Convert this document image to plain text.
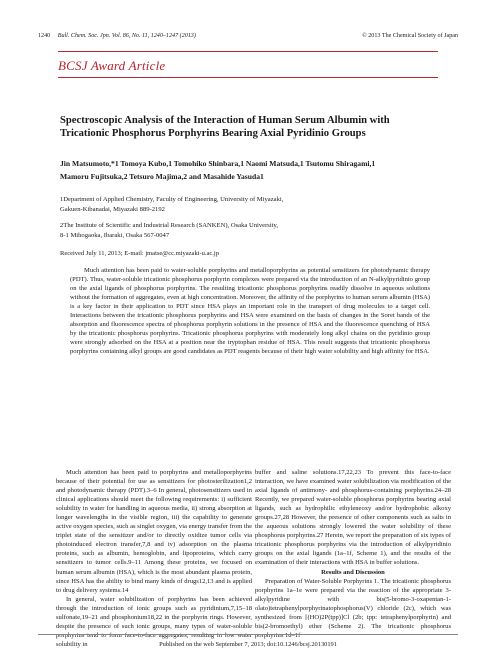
1240 Bull. Chem. Soc. Jpn. Vol. 86, No. 11, 1240–1247 (2013)	© 2013 The Chemical Society of Japan
BCSJ Award Article
Spectroscopic Analysis of the Interaction of Human Serum Albumin with Tricationic Phosphorus Porphyrins Bearing Axial Pyridinio Groups
Jin Matsumoto,*1 Tomoya Kubo,1 Tomohiko Shinbara,1 Naomi Matsuda,1 Tsutomu Shiragami,1
Mamoru Fujitsuka,2 Tetsuro Majima,2 and Masahide Yasuda1
1Department of Applied Chemistry, Faculty of Engineering, University of Miyazaki,
Gakuen-Kibanadai, Miyazaki 889-2192
2The Institute of Scientific and Industrial Research (SANKEN), Osaka University,
8-1 Mihogaoka, Ibaraki, Osaka 567-0047
Received July 11, 2013; E-mail: jmatse@cc.miyazaki-u.ac.jp
Much attention has been paid to water-soluble porphyrins and metalloporphyrins as potential sensitizers for photodynamic therapy (PDT). Thus, water-soluble tricationic phosphorus porphyrin complexes were prepared via the introduction of an N-alkylpyridinio group on the axial ligands of phosphorus porphyrins. The resulting tricationic phosphorus porphyrins readily dissolve in aqueous solutions without the formation of aggregates, even at high concentration. Moreover, the affinity of the porphyrins to human serum albumin (HSA) is a key factor in their application to PDT since HSA plays an important role in the transport of drug molecules to a target cell. Interactions between the tricationic phosphorus porphyrins and HSA were examined on the basis of changes in the Soret bands of the absorption and fluorescence spectra of phosphorus porphyrin solutions in the presence of HSA and the fluorescence quenching of HSA by the tricationic phosphorus porphyrins. Tricationic phosphorus porphyrins with moderately long alkyl chains on the pyridinio group were strongly adsorbed on the HSA at a position near the tryptophan residue of HSA. This result suggests that tricationic phosphorus porphyrins containing alkyl groups are good candidates as PDT reagents because of their high water solubility and high affinity for HSA.

Much attention has been paid to porphyrins and metalloporphyrins because of their potential for use as sensitizers for photosterilization1,2 and photodynamic therapy (PDT).3–6 In general, photosensitizers used in clinical applications should meet the following requirements: i) sufficient solubility in water for handling in aqueous media, ii) strong absorption at longer wavelengths in the visible region, iii) the capability to generate active oxygen species, such as singlet oxygen, via energy transfer from the triplet state of the sensitizer and/or to directly oxidize tumor cells via photoinduced electron transfer,7,8 and iv) adsorption on the plasma proteins, such as albumin, hemoglobin, and lipoproteins, which carry sensitizers to tumor cells.9–11 Among these proteins, we focused on human serum albumin (HSA), which is the most abundant plasma protein, since HSA has the ability to bind many kinds of drugs12,13 and is applied to drug delivery systems.14

In general, water solubilization of porphyrins has been achieved through the introduction of ionic groups such as pyridinium,7,15–18 sulfonate,19–21 and phosphonium18,22 in the porphyrin rings. However, despite the presence of such ionic groups, many types of water-soluble porphyrins tend to form face-to-face aggregates, resulting in low water solubility in

buffer and saline solutions.17,22,23 To prevent this face-to-face interaction, we have examined water solubilization via modification of the axial ligands of antimony- and phosphorus-containing porphyrins.24–28 Recently, we prepared water-soluble phosphorus porphyrins bearing axial ligands, such as hydrophilic ethyleneoxy and/or hydrophobic alkoxy groups.27,28 However, the presence of other components such as salts in the aqueous solutions strongly lowered the water solubility of these phosphorus porphyrins.27 Herein, we report the preparation of six types of tricationic phosphorus porphyrins via the introduction of alkylpyridinio groups on the axial ligands (1a–1f, Scheme 1), and the results of the examination of their interactions with HSA in buffer solutions.

Results and Discussion

Preparation of Water-Soluble Porphyrins 1. The tricationic phosphorus porphyrins 1a–1e were prepared via the reaction of the appropriate 3-alkylpyridine with bis(5-bromo-3-oxapentan-1-olato)tetraphenylporphyrinatophosphorus(V) chloride (2c), which was synthesized from [(HO)2P(tpp)]Cl (2b; tpp: tetraphenylporphyrin) and bis(2-bromoethyl) ether (Scheme 2). The tricationic phosphorus porphyrins 1d–1f

Published on the web September 7, 2013; doi:10.1246/bcsj.20130191
